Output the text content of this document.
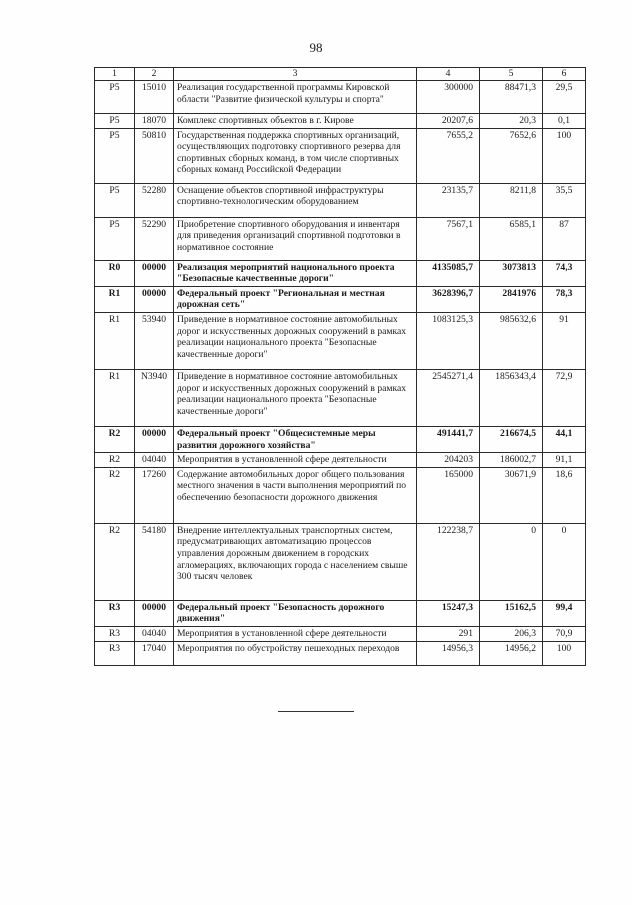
98
1	2	3	4	5	6
P5	15010	Реализация государственной программы Кировской области "Развитие физической культуры и спорта"	300000	88471,3	29,5
P5	18070	Комплекс спортивных объектов в г. Кирове	20207,6	20,3	0,1
P5	50810	Государственная поддержка спортивных организаций, осуществляющих подготовку спортивного резерва для спортивных сборных команд, в том числе спортивных сборных команд Российской Федерации	7655,2	7652,6	100
P5	52280	Оснащение объектов спортивной инфраструктуры спортивно-технологическим оборудованием	23135,7	8211,8	35,5
P5	52290	Приобретение спортивного оборудования и инвентаря для приведения организаций спортивной подготовки в нормативное состояние	7567,1	6585,1	87
R0	00000	Реализация мероприятий национального проекта "Безопасные качественные дороги"	4135085,7	3073813	74,3
R1	00000	Федеральный проект "Региональная и местная дорожная сеть"	3628396,7	2841976	78,3
R1	53940	Приведение в нормативное состояние автомобильных дорог и искусственных дорожных сооружений в рамках реализации национального проекта "Безопасные качественные дороги"	1083125,3	985632,6	91
R1	N3940	Приведение в нормативное состояние автомобильных дорог и искусственных дорожных сооружений в рамках реализации национального проекта "Безопасные качественные дороги"	2545271,4	1856343,4	72,9
R2	00000	Федеральный проект "Общесистемные меры развития дорожного хозяйства"	491441,7	216674,5	44,1
R2	04040	Мероприятия в установленной сфере деятельности	204203	186002,7	91,1
R2	17260	Содержание автомобильных дорог общего пользования местного значения в части выполнения мероприятий по обеспечению безопасности дорожного движения	165000	30671,9	18,6
R2	54180	Внедрение интеллектуальных транспортных систем, предусматривающих автоматизацию процессов управления дорожным движением в городских агломерациях, включающих города с населением свыше 300 тысяч человек	122238,7	0	0
R3	00000	Федеральный проект "Безопасность дорожного движения"	15247,3	15162,5	99,4
R3	04040	Мероприятия в установленной сфере деятельности	291	206,3	70,9
R3	17040	Мероприятия по обустройству пешеходных переходов	14956,3	14956,2	100
